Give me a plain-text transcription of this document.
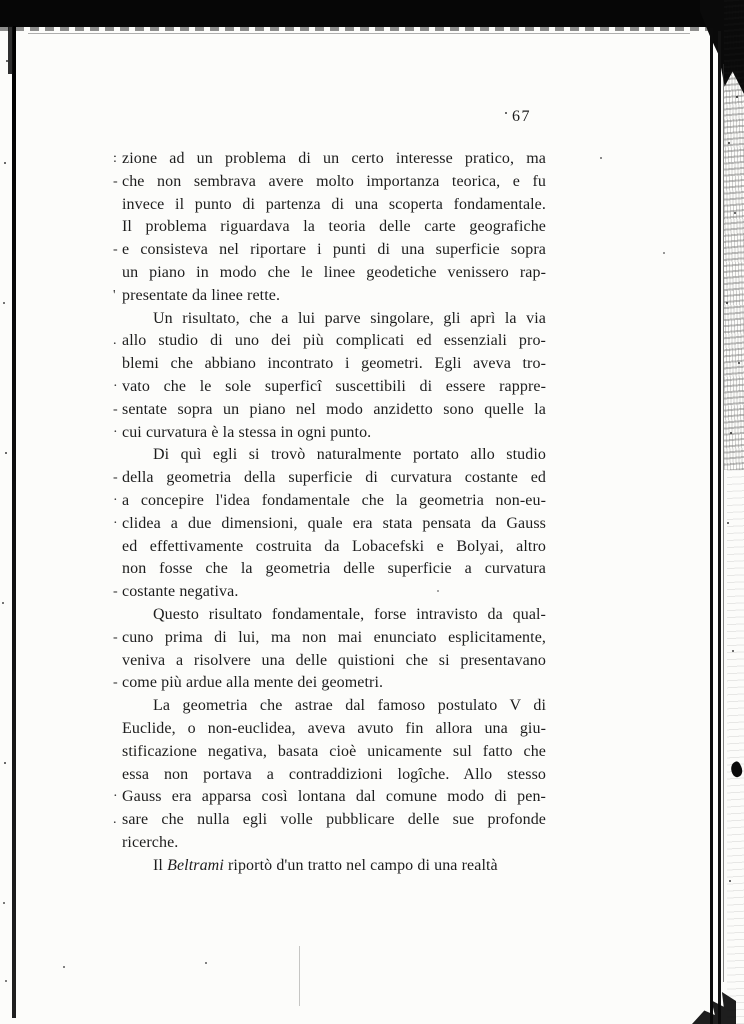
67
: zione ad un problema di un certo interesse pratico, ma
- che non sembrava avere molto importanza teorica, e fu
invece il punto di partenza di una scoperta fondamentale.
Il problema riguardava la teoria delle carte geografiche
- e consisteva nel riportare i punti di una superficie sopra
un piano in modo che le linee geodetiche venissero rap-
' presentate da linee rette.
Un risultato, che a lui parve singolare, gli aprì la via
. allo studio di uno dei più complicati ed essenziali pro-
blemi che abbiano incontrato i geometri. Egli aveva tro-
· vato che le sole superficî suscettibili di essere rappre-
- sentate sopra un piano nel modo anzidetto sono quelle la
· cui curvatura è la stessa in ogni punto.
Di quì egli si trovò naturalmente portato allo studio
- della geometria della superficie di curvatura costante ed
· a concepire l'idea fondamentale che la geometria non-eu-
· clidea a due dimensioni, quale era stata pensata da Gauss
ed effettivamente costruita da Lobacefski e Bolyai, altro
non fosse che la geometria delle superficie a curvatura
- costante negativa.
Questo risultato fondamentale, forse intravisto da qual-
- cuno prima di lui, ma non mai enunciato esplicitamente,
veniva a risolvere una delle quistioni che si presentavano
- come più ardue alla mente dei geometri.
La geometria che astrae dal famoso postulato V di
Euclide, o non-euclidea, aveva avuto fin allora una giu-
stificazione negativa, basata cioè unicamente sul fatto che
essa non portava a contraddizioni logîche. Allo stesso
· Gauss era apparsa così lontana dal comune modo di pen-
. sare che nulla egli volle pubblicare delle sue profonde
ricerche.
Il Beltrami riportò d'un tratto nel campo di una realtà
